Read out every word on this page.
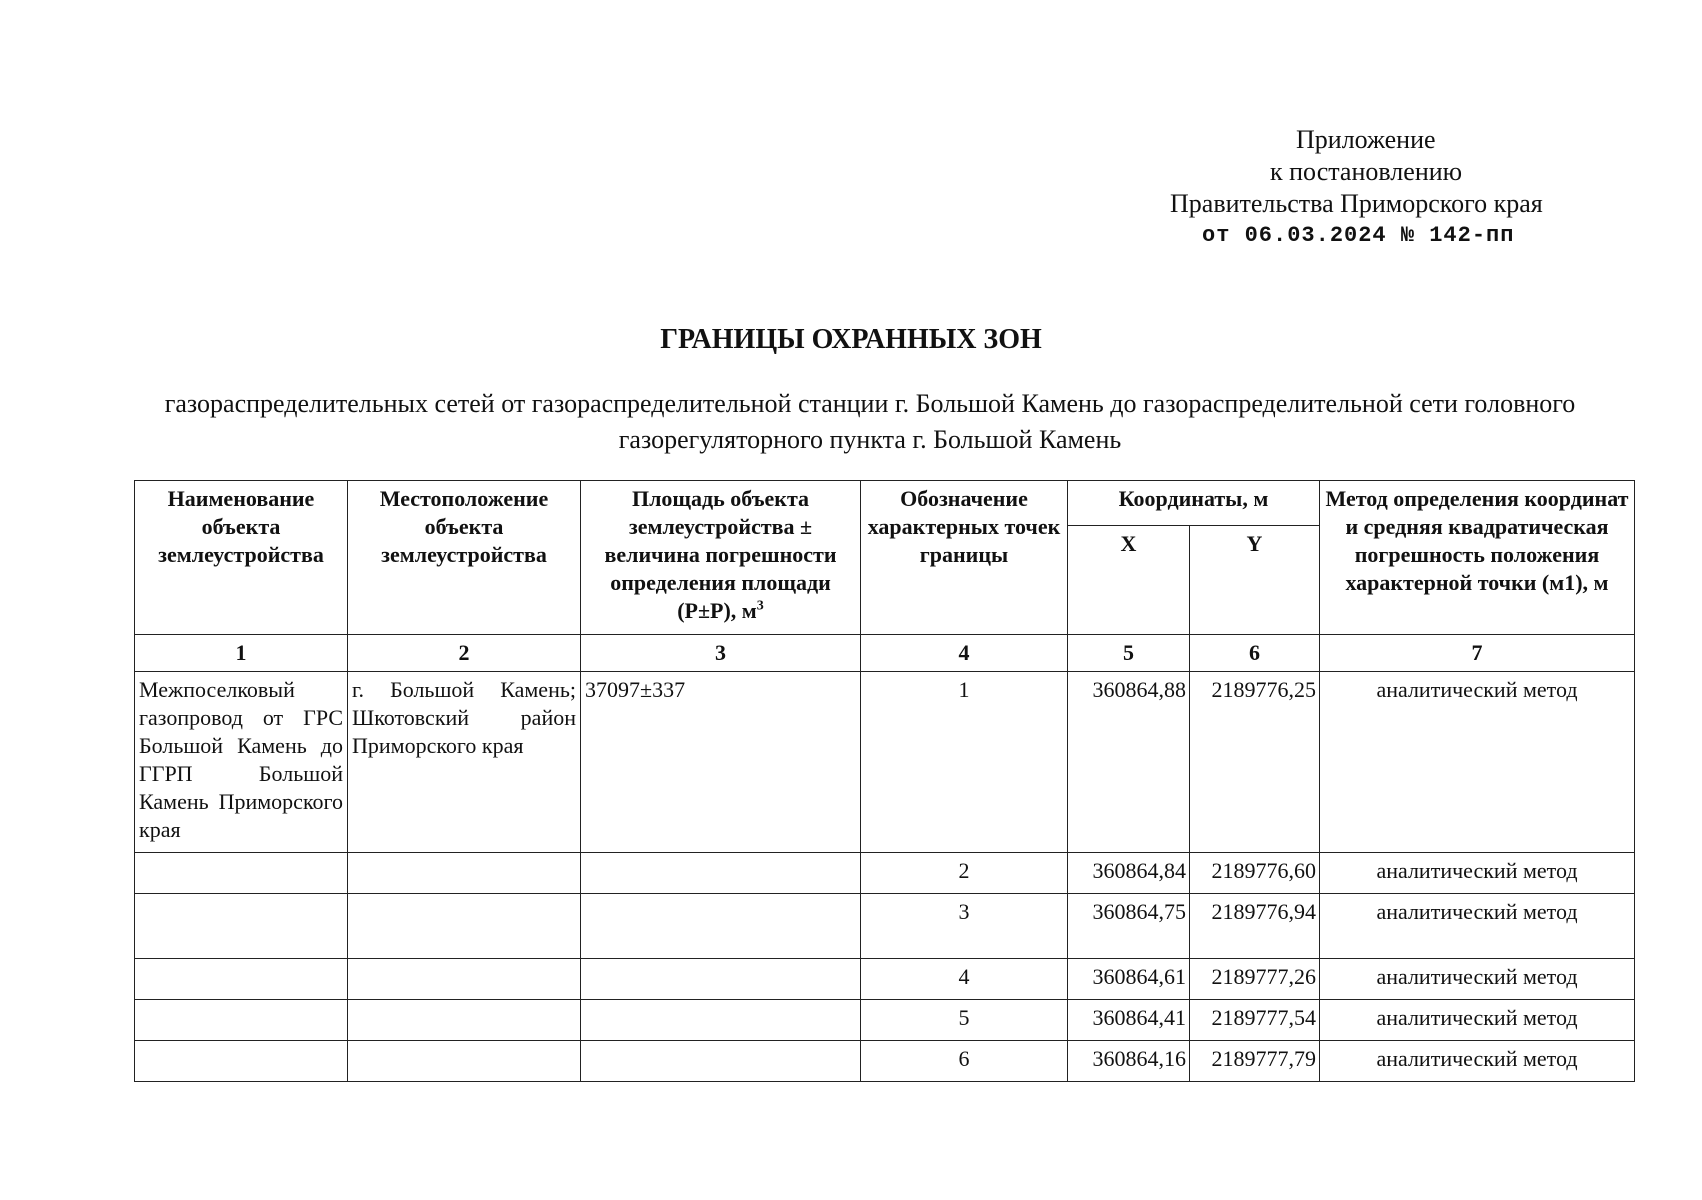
Приложение
к постановлению
Правительства Приморского края
от 06.03.2024 № 142-пп
ГРАНИЦЫ ОХРАННЫХ ЗОН
газораспределительных сетей от газораспределительной станции г. Большой Камень до газораспределительной сети головного газорегуляторного пункта г. Большой Камень
Наименование объекта землеустройства	Местоположение объекта землеустройства	Площадь объекта землеустройства ± величина погрешности определения площади (Р±Р), $м^3$	Обозначение характерных точек границы	Координаты, м		Метод определения координат и средняя квадратическая погрешность положения характерной точки (м1), м
				X	Y	
1	2	3	4	5	6	7
Межпоселковый газопровод от ГРС Большой Камень до ГГРП Большой Камень Приморского края	г. Большой Камень; Шкотовский район Приморского края	37097±337	1	360864,88	2189776,25	аналитический метод
			2	360864,84	2189776,60	аналитический метод
			3	360864,75	2189776,94	аналитический метод
			4	360864,61	2189777,26	аналитический метод
			5	360864,41	2189777,54	аналитический метод
			6	360864,16	2189777,79	аналитический метод
